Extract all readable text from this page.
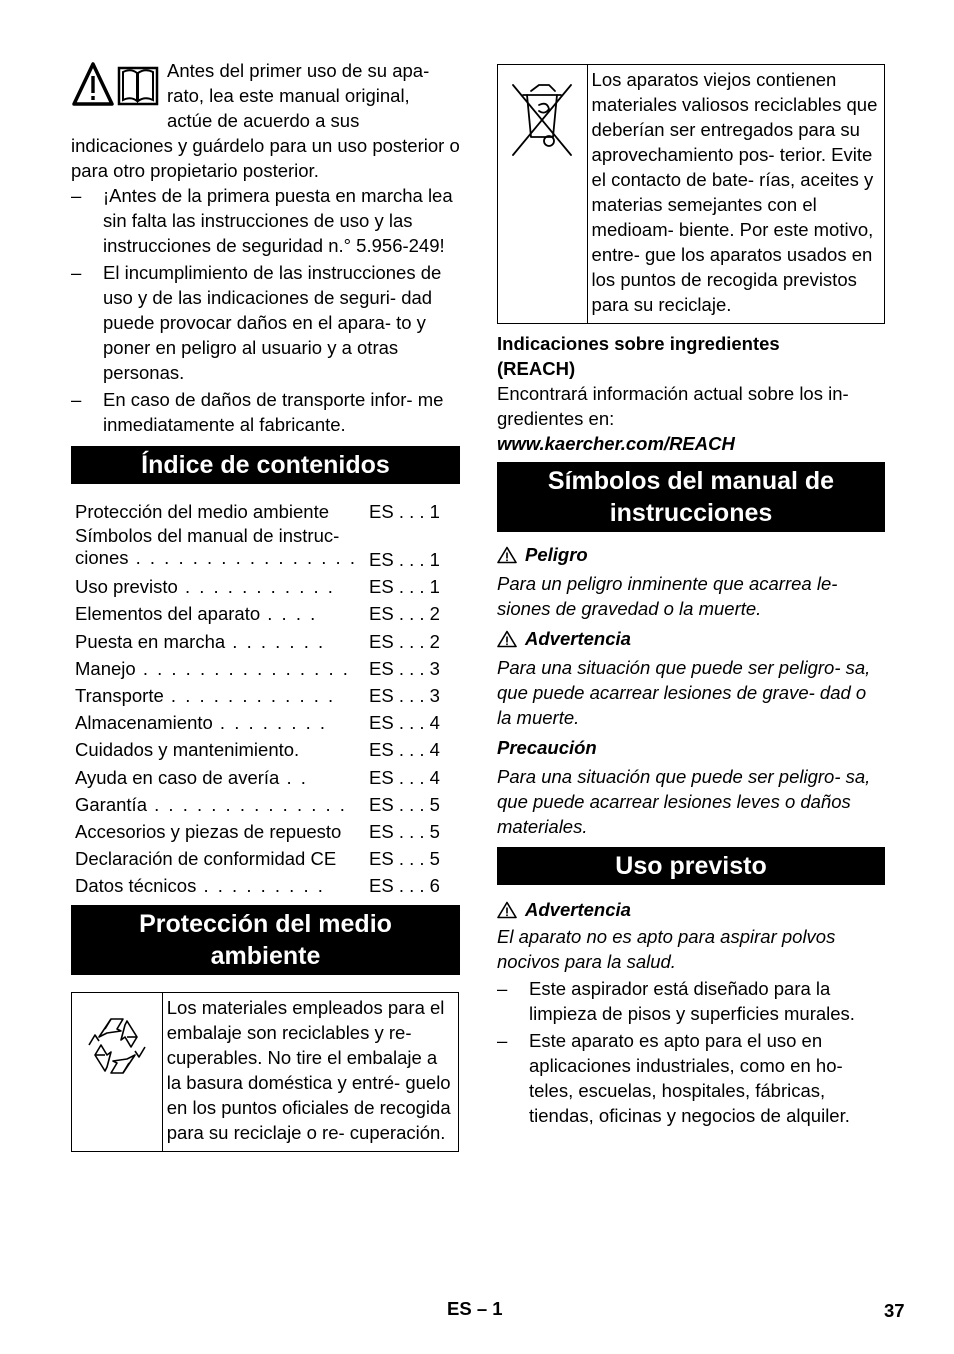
Antes del primer uso de su apa- rato, lea este manual original, actúe de acuerdo a sus indicaciones y guárdelo para un uso posterior o para otro propietario posterior.

– ¡Antes de la primera puesta en marcha lea sin falta las instrucciones de uso y las instrucciones de seguridad n.° 5.956-249!
– El incumplimiento de las instrucciones de uso y de las indicaciones de seguri- dad puede provocar daños en el apara- to y poner en peligro al usuario y a otras personas.
– En caso de daños de transporte infor- me inmediatamente al fabricante.
Índice de contenidos
Protección del medio ambiente ES . . . 1
Símbolos del manual de instruc- ciones . . . . . . . . . . . . . . . . ES . . . 1
Uso previsto . . . . . . . . . . . ES . . . 1
Elementos del aparato . . . .	ES . . . 2
Puesta en marcha . . . . . . . ES . . . 2
Manejo . . . . . . . . . . . . . . . ES . . . 3
Transporte . . . . . . . . . . . . ES . . . 3
Almacenamiento . . . . . . . . ES . . . 4
Cuidados y mantenimiento.	ES . . . 4
Ayuda en caso de avería . .	ES . . . 4
Garantía . . . . . . . . . . . . . . ES . . . 5
Accesorios y piezas de repuesto ES . . . 5
Declaración de conformidad CE ES . . . 5
Datos técnicos . . . . . . . . . ES . . . 6
Protección del medio ambiente
Los materiales empleados para el embalaje son reciclables y re- cuperables. No tire el embalaje a la basura doméstica y entré- guelo en los puntos oficiales de recogida para su reciclaje o re- cuperación.
Los aparatos viejos contienen materiales valiosos reciclables que deberían ser entregados para su aprovechamiento pos- terior. Evite el contacto de bate- rías, aceites y materias semejantes con el medioam- biente. Por este motivo, entre- gue los aparatos usados en los puntos de recogida previstos para su reciclaje.

Indicaciones sobre ingredientes (REACH)

Encontrará información actual sobre los in- gredientes en:

www.kaercher.com/REACH

Símbolos del manual de instrucciones
Peligro

Para un peligro inminente que acarrea le- siones de gravedad o la muerte.

Advertencia

Para una situación que puede ser peligro- sa, que puede acarrear lesiones de grave- dad o la muerte.

Precaución

Para una situación que puede ser peligro- sa, que puede acarrear lesiones leves o daños materiales.

Uso previsto
Advertencia

El aparato no es apto para aspirar polvos nocivos para la salud.

– Este aspirador está diseñado para la limpieza de pisos y superficies murales.
– Este aparato es apto para el uso en aplicaciones industriales, como en ho- teles, escuelas, hospitales, fábricas, tiendas, oficinas y negocios de alquiler.
ES – 1	37
